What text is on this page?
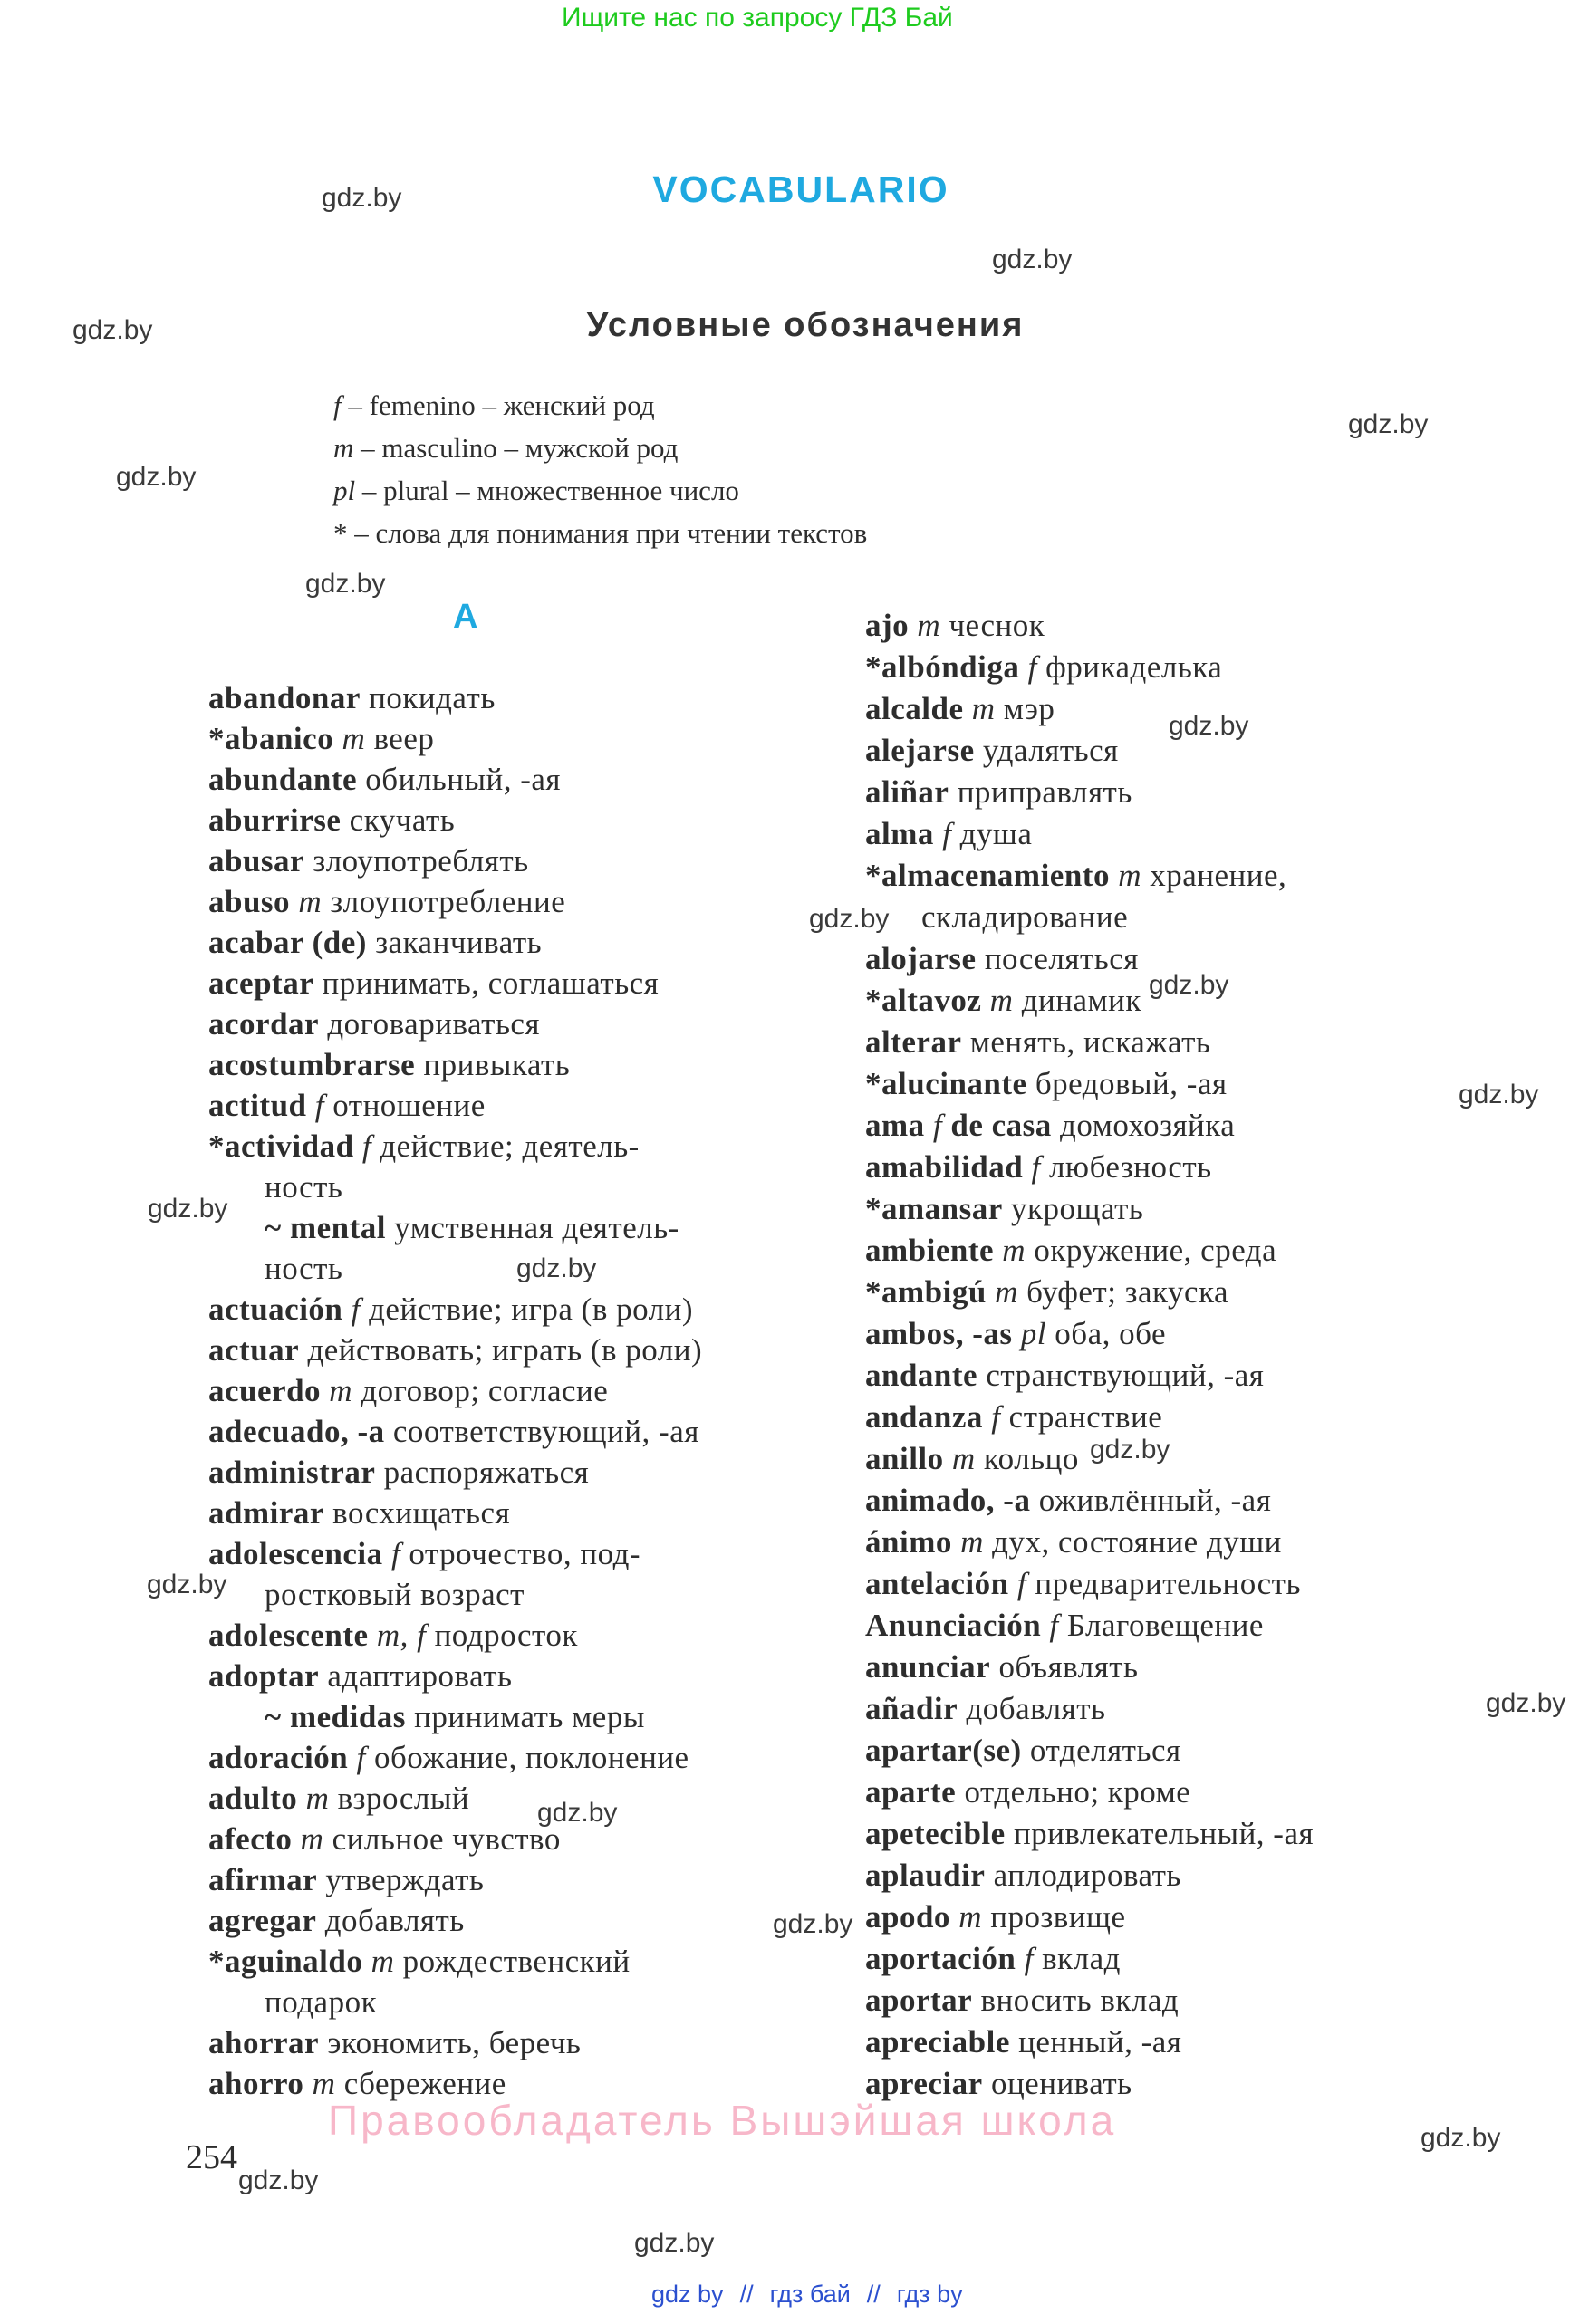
Ищите нас по запросу ГДЗ Бай
gdz.by
gdz.by
gdz.by
gdz.by
gdz.by
gdz.by
gdz.by
gdz.by
gdz.by
gdz.by
gdz.by
gdz.by
gdz.by
gdz.by
gdz.by
gdz.by
gdz.by
gdz.by
gdz.by
gdz.by
VOCABULARIO
Условные обозначения
f – femenino – женский род
m – masculino – мужской род
pl – plural – множественное число
* – слова для понимания при чтении текстов
A
abandonar покидать
*abanico m веер
abundante обильный, -ая
aburrirse скучать
abusar злоупотреблять
abuso m злоупотребление
acabar (de) заканчивать
aceptar принимать, соглашаться
acordar договариваться
acostumbrarse привыкать
actitud f отношение
*actividad f действие; деятель-
ность
~ mental умственная деятель-
ность
actuación f действие; игра (в роли)
actuar действовать; играть (в роли)
acuerdo m договор; согласие
adecuado, -a соответствующий, -ая
administrar распоряжаться
admirar восхищаться
adolescencia f отрочество, под-
ростковый возраст
adolescente m, f подросток
adoptar адаптировать
~ medidas принимать меры
adoración f обожание, поклонение
adulto m взрослый
afecto m сильное чувство
afirmar утверждать
agregar добавлять
*aguinaldo m рождественский
подарок
ahorrar экономить, беречь
ahorro m сбережение
ajo m чеснок
*albóndiga f фрикаделька
alcalde m мэр
alejarse удаляться
aliñar приправлять
alma f душа
*almacenamiento m хранение,
складирование
alojarse поселяться
*altavoz m динамик
alterar менять, искажать
*alucinante бредовый, -ая
ama f de casa домохозяйка
amabilidad f любезность
*amansar укрощать
ambiente m окружение, среда
*ambigú m буфет; закуска
ambos, -as pl оба, обе
andante странствующий, -ая
andanza f странствие
anillo m кольцо
animado, -a оживлённый, -ая
ánimo m дух, состояние души
antelación f предварительность
Anunciación f Благовещение
anunciar объявлять
añadir добавлять
apartar(se) отделяться
aparte отдельно; кроме
apetecible привлекательный, -ая
aplaudir аплодировать
apodo m прозвище
aportación f вклад
aportar вносить вклад
apreciable ценный, -ая
apreciar оценивать
Правообладатель Вышэйшая школа
254
gdz by // гдз бай // гдз by
